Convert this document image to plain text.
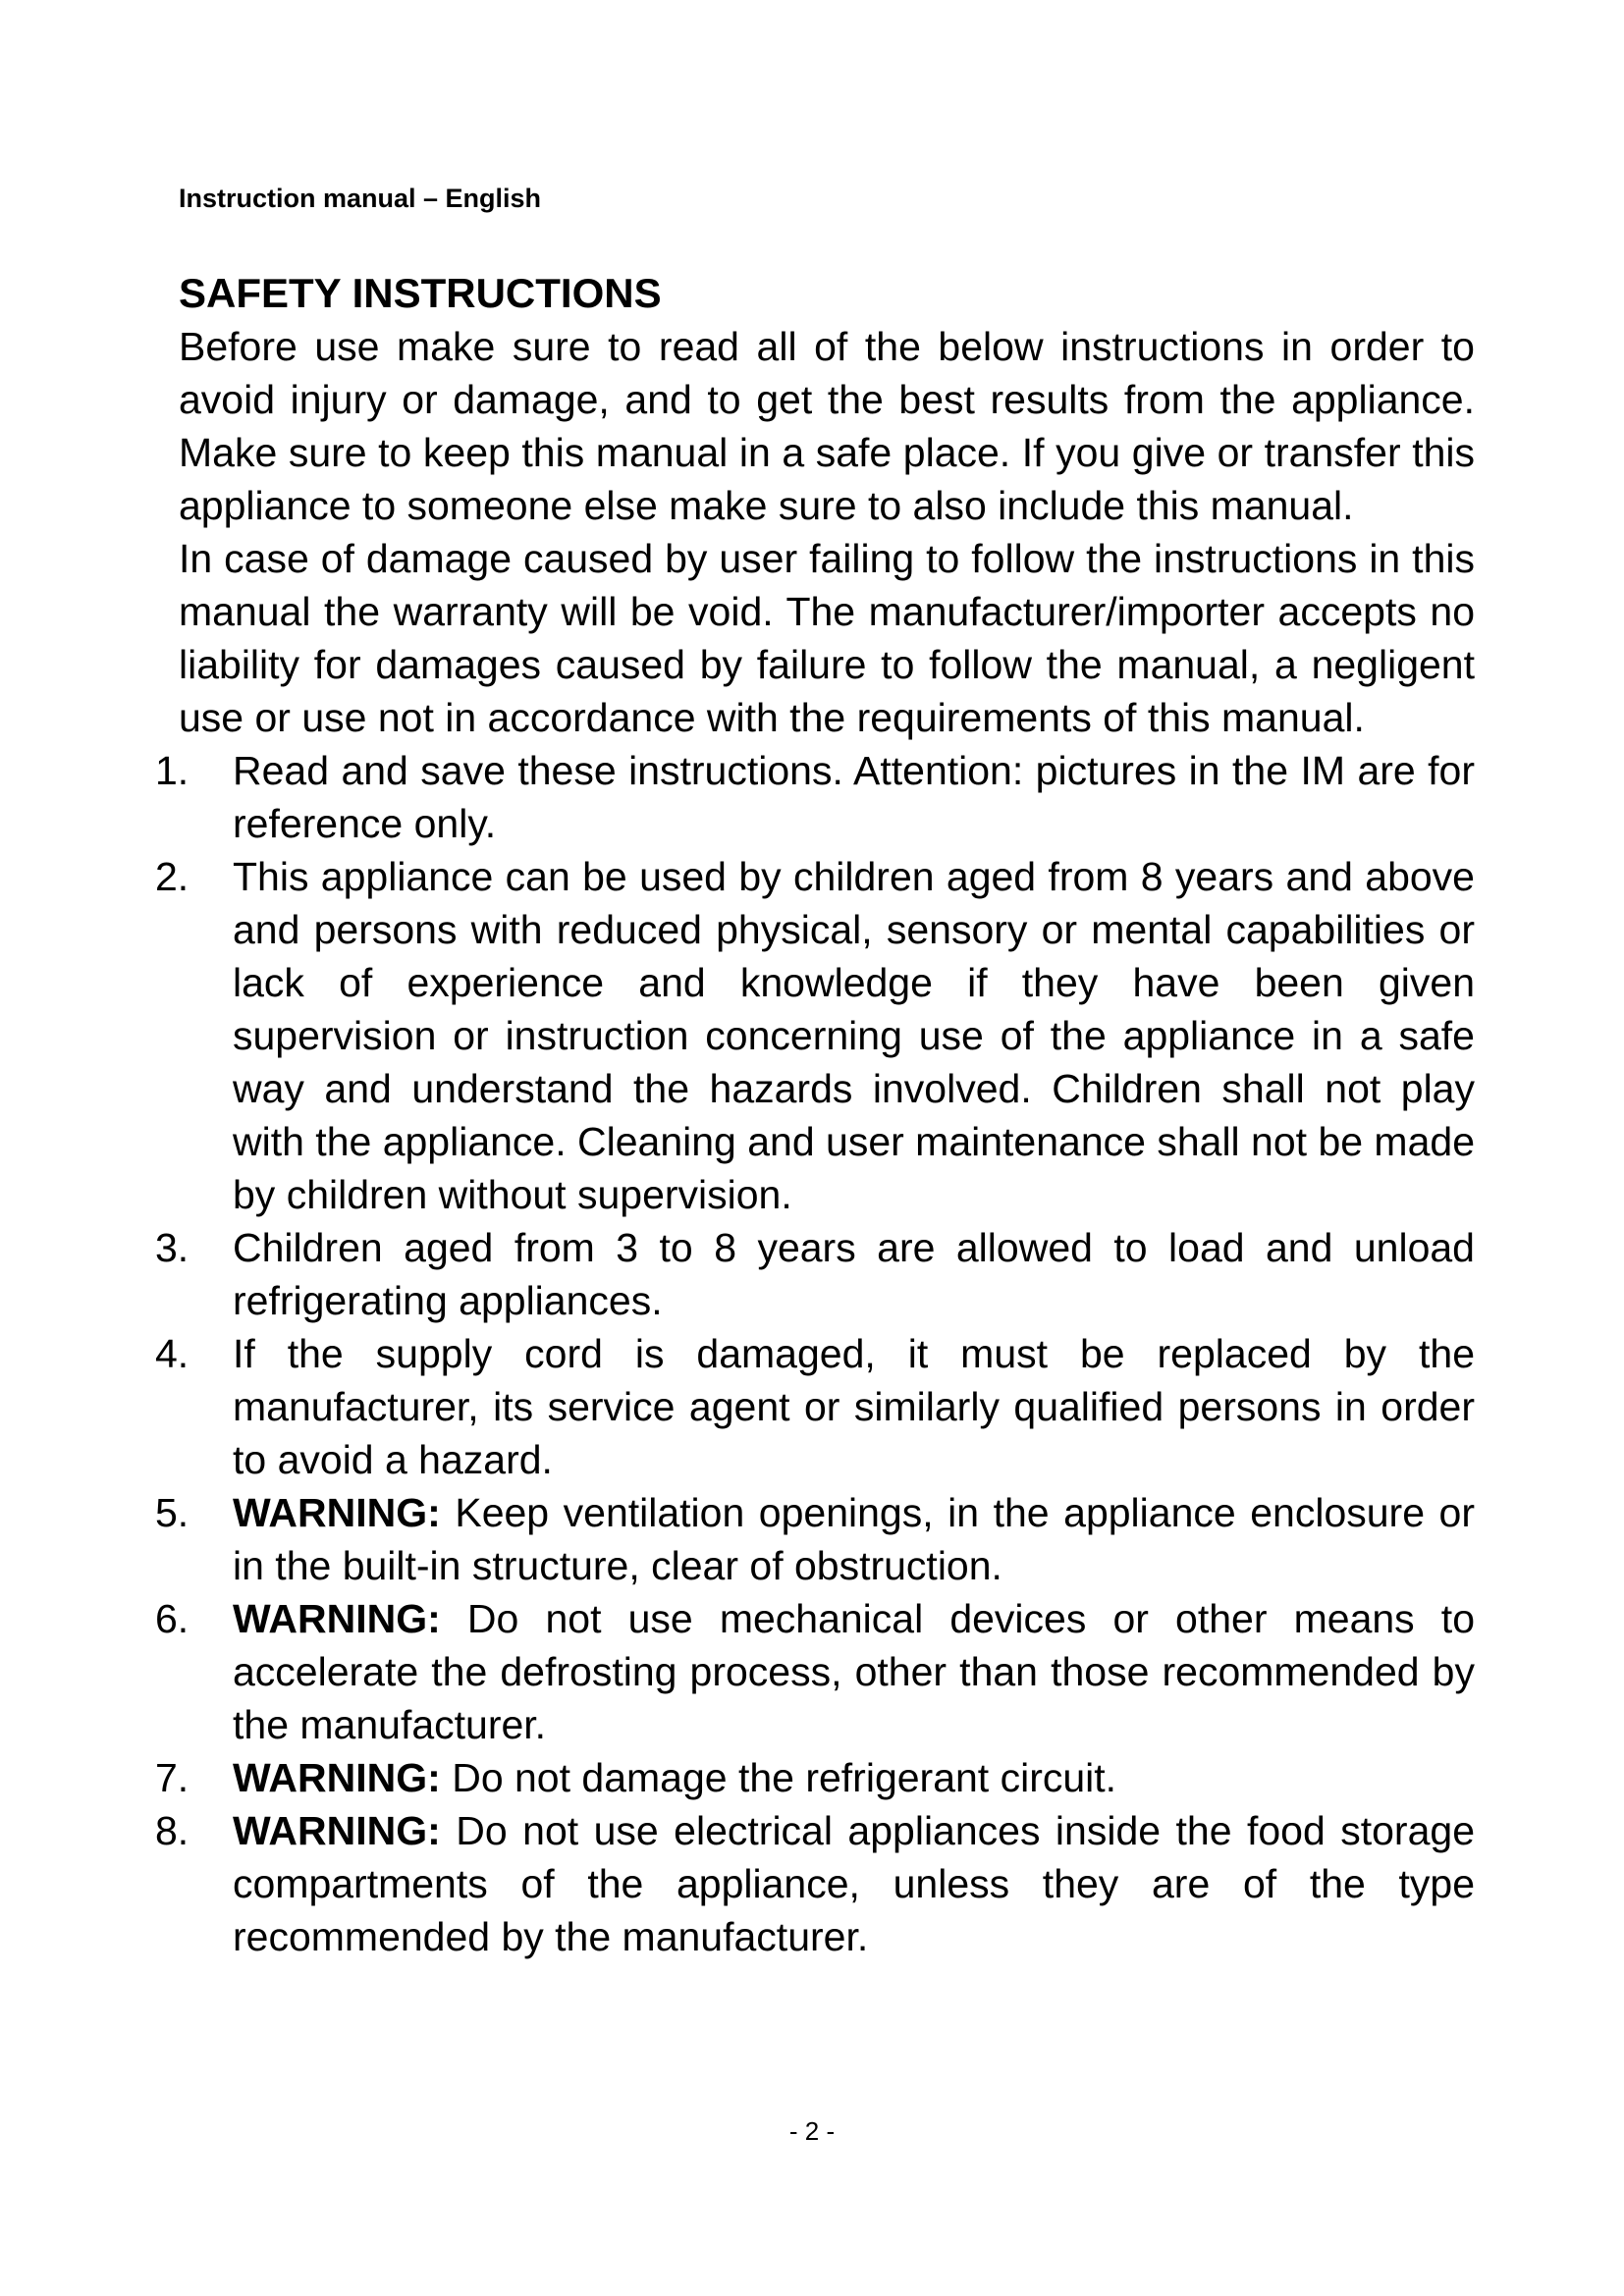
Instruction manual – English

SAFETY INSTRUCTIONS

Before use make sure to read all of the below instructions in order to avoid injury or damage, and to get the best results from the appliance. Make sure to keep this manual in a safe place. If you give or transfer this appliance to someone else make sure to also include this manual.

In case of damage caused by user failing to follow the instructions in this manual the warranty will be void. The manufacturer/importer accepts no liability for damages caused by failure to follow the manual, a negligent use or use not in accordance with the requirements of this manual.

1.	Read and save these instructions. Attention: pictures in the IM are for reference only.
2.	This appliance can be used by children aged from 8 years and above and persons with reduced physical, sensory or mental capabilities or lack of experience and knowledge if they have been given supervision or instruction concerning use of the appliance in a safe way and understand the hazards involved. Children shall not play with the appliance. Cleaning and user maintenance shall not be made by children without supervision.
3.	Children aged from 3 to 8 years are allowed to load and unload refrigerating appliances.
4.	If the supply cord is damaged, it must be replaced by the manufacturer, its service agent or similarly qualified persons in order to avoid a hazard.
5.	WARNING: Keep ventilation openings, in the appliance enclosure or in the built-in structure, clear of obstruction.
6.	WARNING: Do not use mechanical devices or other means to accelerate the defrosting process, other than those recommended by the manufacturer.
7.	WARNING: Do not damage the refrigerant circuit.
8.	WARNING: Do not use electrical appliances inside the food storage compartments of the appliance, unless they are of the type recommended by the manufacturer.
- 2 -
